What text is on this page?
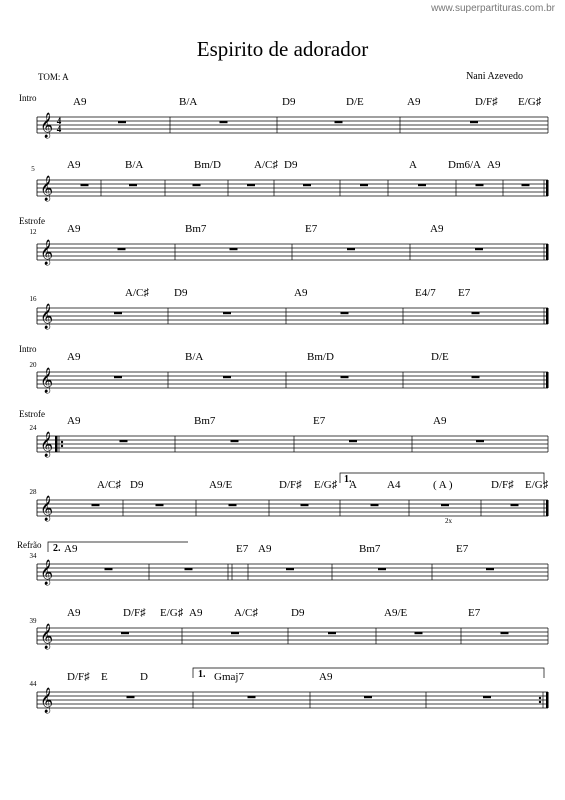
www.superpartituras.com.br
Espirito de adorador
TOM: A	Nani Azevedo
𝄞 4
4
Intro	A9	B/A	D9	D/E	A9	D/F♯ E/G♯
𝄞
5	A9	B/A	Bm/D	A/C♯ D9	A	Dm6/A A9
𝄞
Estrofe
12	A9	Bm7	E7	A9
𝄞
16	A/C♯ D9	A9	E4/7 E7
𝄞
Intro
20
A9	B/A	Bm/D	D/E
𝄞
Estrofe
24
A9	Bm7	E7	A9
𝄞
28
A/C♯ D9	A9/E	D/F♯ E/G♯ A	A4	( A )	D/F♯ E/G♯
2x
1.
𝄞
Refrão
34
A9	E7 A9	Bm7	E7
2.
𝄞
39
A9	D/F♯ E/G♯ A9	A/C♯	D9	A9/E	E7
𝄞
44
D/F♯ E	D	Gmaj7	A9
1.
